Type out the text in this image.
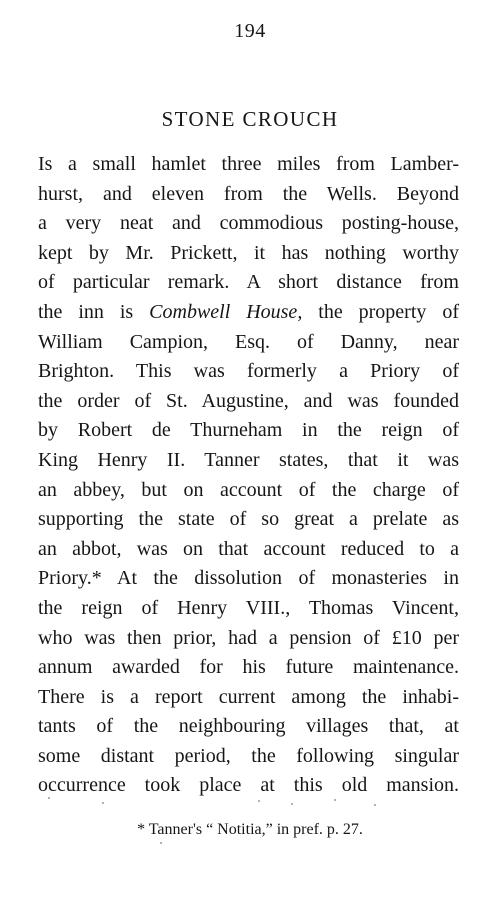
194
STONE CROUCH
Is a small hamlet three miles from Lamber-
hurst, and eleven from the Wells. Beyond
a very neat and commodious posting-house,
kept by Mr. Prickett, it has nothing worthy
of particular remark. A short distance from
the inn is Combwell House, the property of
William Campion, Esq. of Danny, near
Brighton. This was formerly a Priory of
the order of St. Augustine, and was founded
by Robert de Thurneham in the reign of
King Henry II. Tanner states, that it was
an abbey, but on account of the charge of
supporting the state of so great a prelate as
an abbot, was on that account reduced to a
Priory.* At the dissolution of monasteries in
the reign of Henry VIII., Thomas Vincent,
who was then prior, had a pension of £10 per
annum awarded for his future maintenance.
There is a report current among the inhabi-
tants of the neighbouring villages that, at
some distant period, the following singular
occurrence took place at this old mansion.
* Tanner's “ Notitia,” in pref. p. 27.
